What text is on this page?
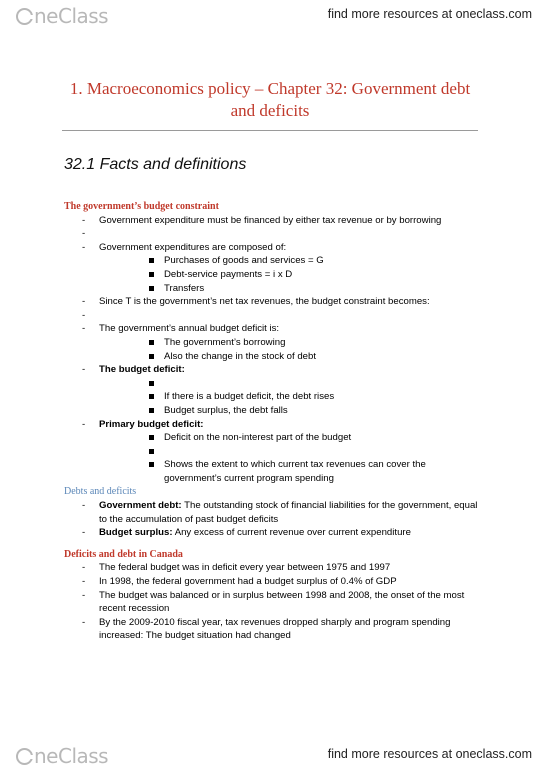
neClass	find more resources at oneclass.com
1. Macroeconomics policy – Chapter 32: Government debt and deficits
32.1 Facts and definitions
The government’s budget constraint
- Government expenditure must be financed by either tax revenue or by borrowing
-
- Government expenditures are composed of:
Purchases of goods and services = G
Debt-service payments = i x D
Transfers
- Since T is the government’s net tax revenues, the budget constraint becomes:
-
- The government’s annual budget deficit is:
The government’s borrowing
Also the change in the stock of debt
- The budget deficit:
If there is a budget deficit, the debt rises
Budget surplus, the debt falls
- Primary budget deficit:
Deficit on the non-interest part of the budget
Shows the extent to which current tax revenues can cover the government’s current program spending
Debts and deficits
- Government debt: The outstanding stock of financial liabilities for the government, equal to the accumulation of past budget deficits
- Budget surplus: Any excess of current revenue over current expenditure
Deficits and debt in Canada
- The federal budget was in deficit every year between 1975 and 1997
- In 1998, the federal government had a budget surplus of 0.4% of GDP
- The budget was balanced or in surplus between 1998 and 2008, the onset of the most recent recession
- By the 2009-2010 fiscal year, tax revenues dropped sharply and program spending increased: The budget situation had changed
neClass	find more resources at oneclass.com
